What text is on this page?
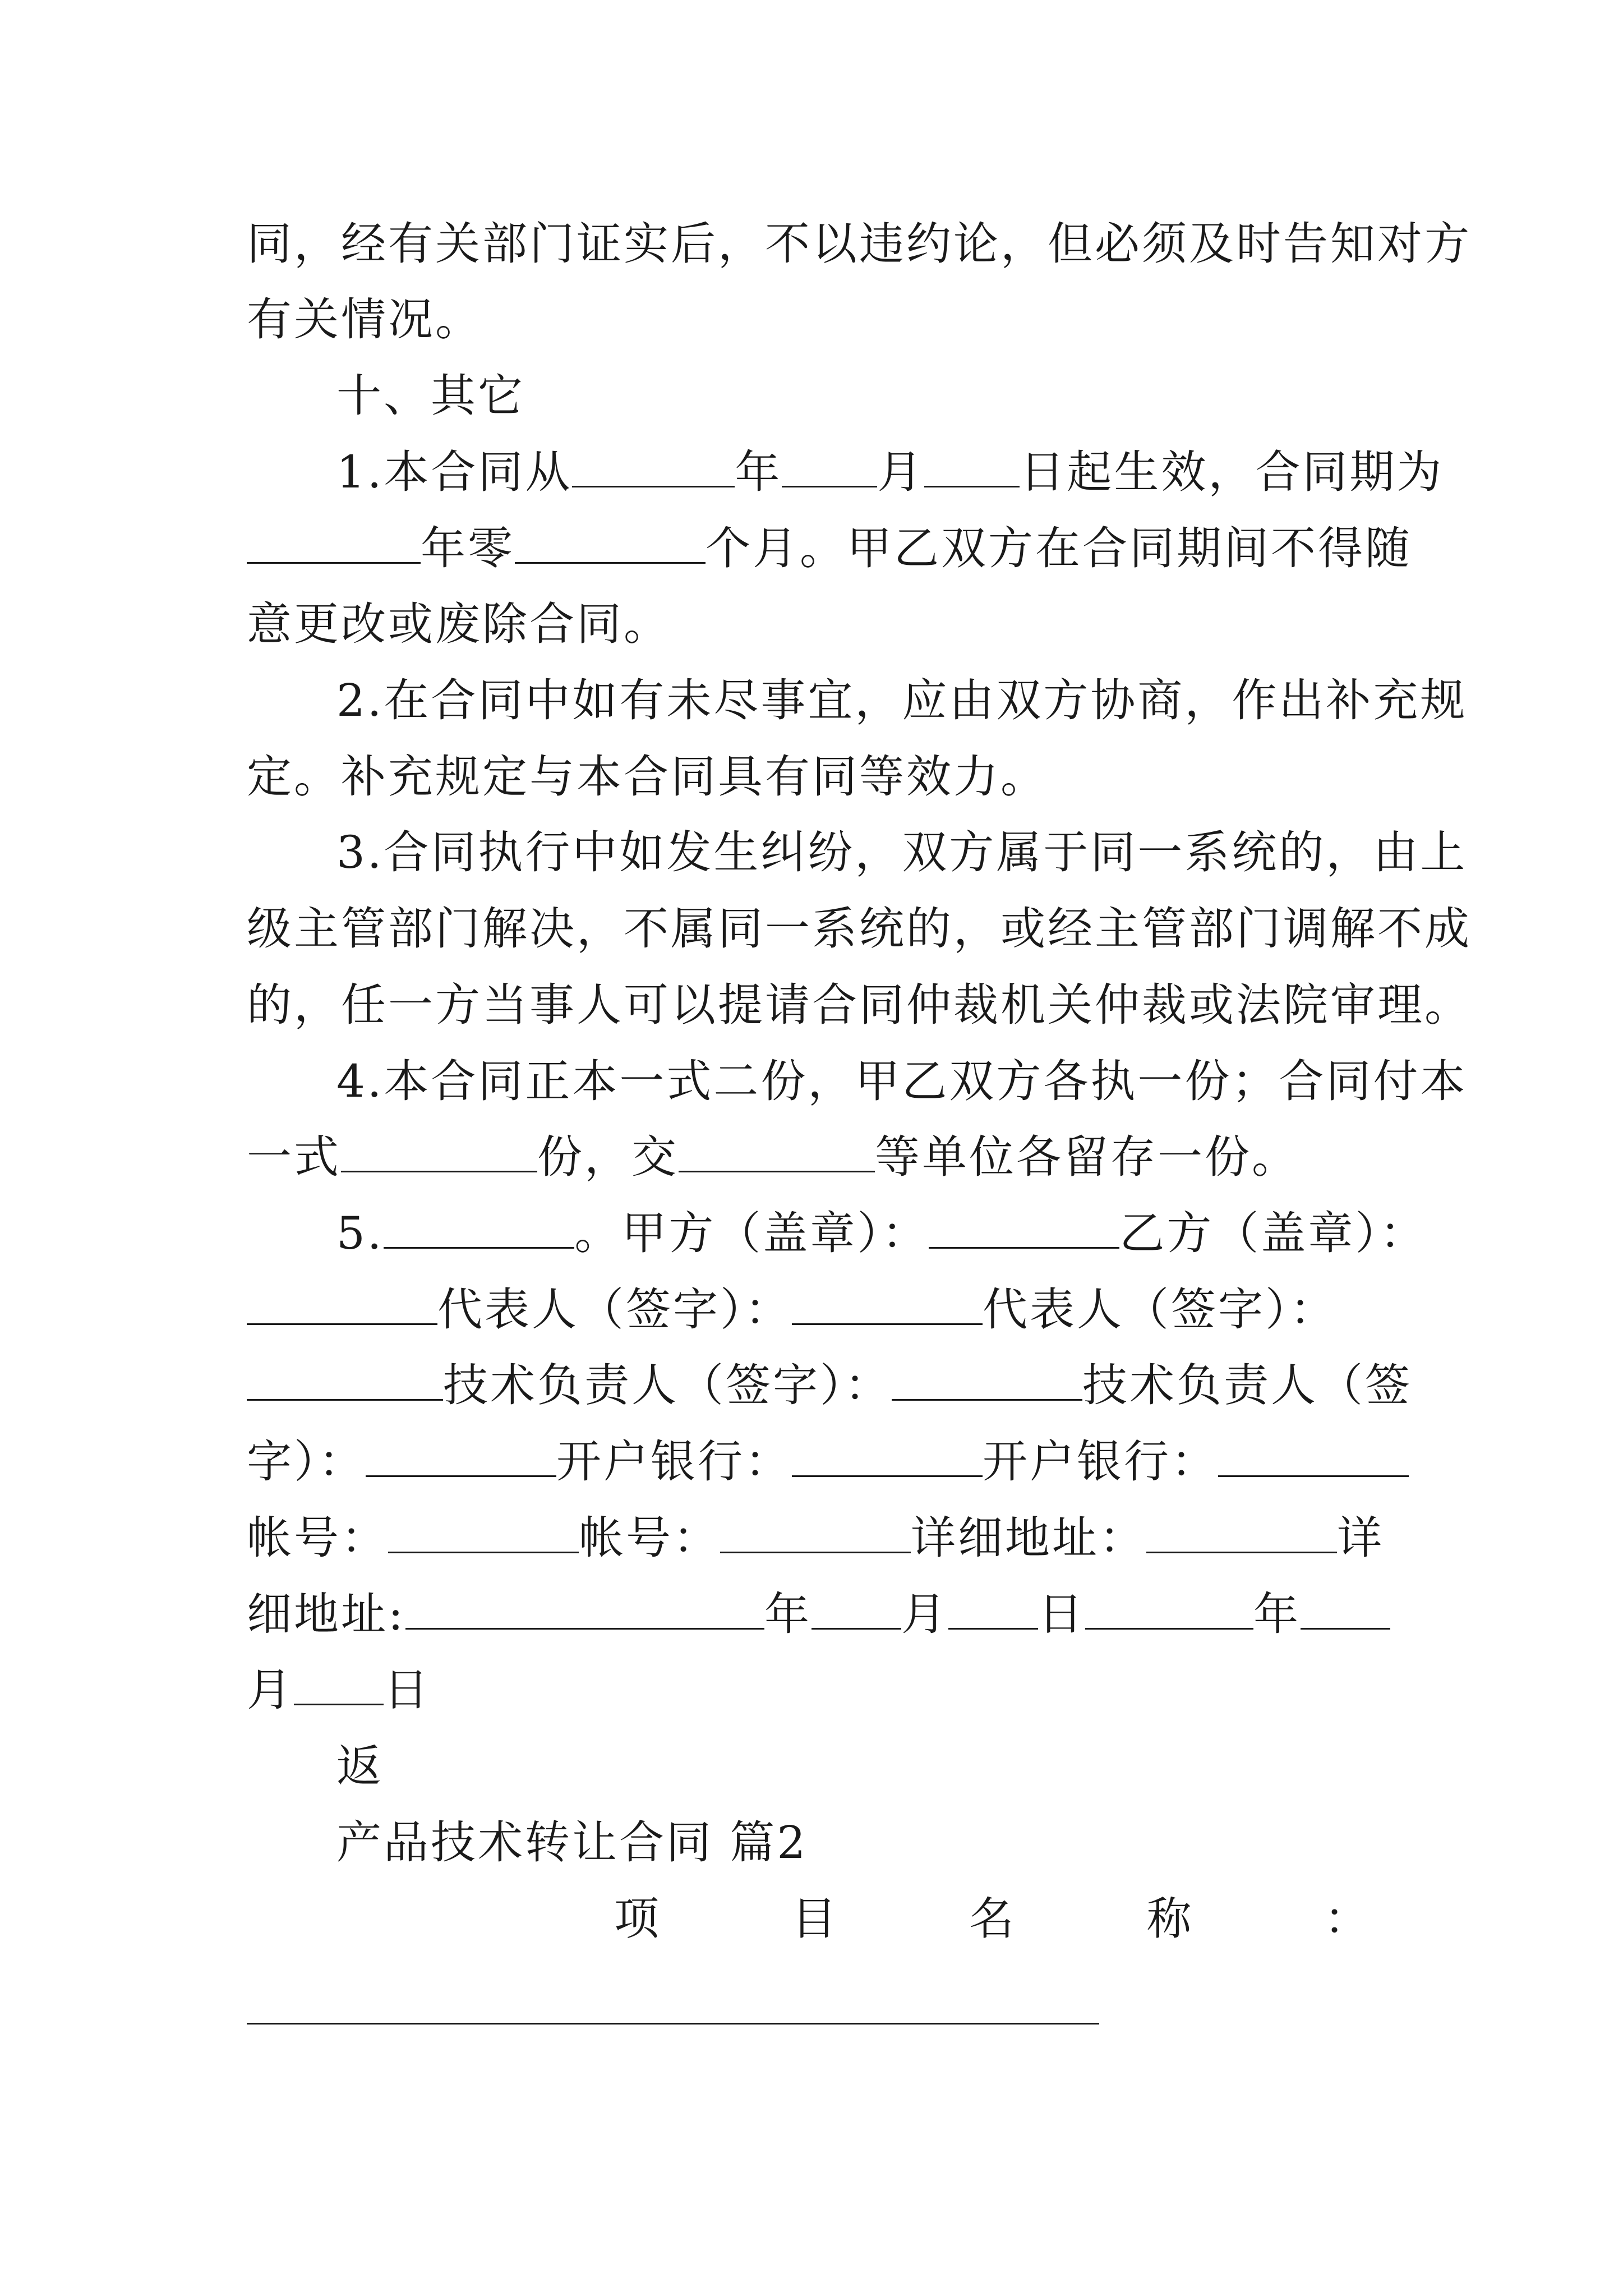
同，经有关部门证实后，不以违约论，但必须及时告知对方
有关情况。
十、其它
1.本合同从	年 月 日起生效，合同期为
年零	个月。甲乙双方在合同期间不得随
意更改或废除合同。
2.在合同中如有未尽事宜，应由双方协商，作出补充规
定。补充规定与本合同具有同等效力。
3.合同执行中如发生纠纷，双方属于同一系统的，由上
级主管部门解决，不属同一系统的，或经主管部门调解不成
的，任一方当事人可以提请合同仲裁机关仲裁或法院审理。
4.本合同正本一式二份，甲乙双方各执一份；合同付本
一式	份，交	等单位各留存一份。
5.	。甲方（盖章）：	乙方（盖章）：
代表人（签字）：	代表人（签字）：
技术负责人（签字）：	技术负责人（签
字）：	开户银行：	开户银行：
帐号：	帐号：	详细地址：	详
细地址:	年 月 日	年
月 日
返
产品技术转让合同 篇2
项	目	名	称	：
